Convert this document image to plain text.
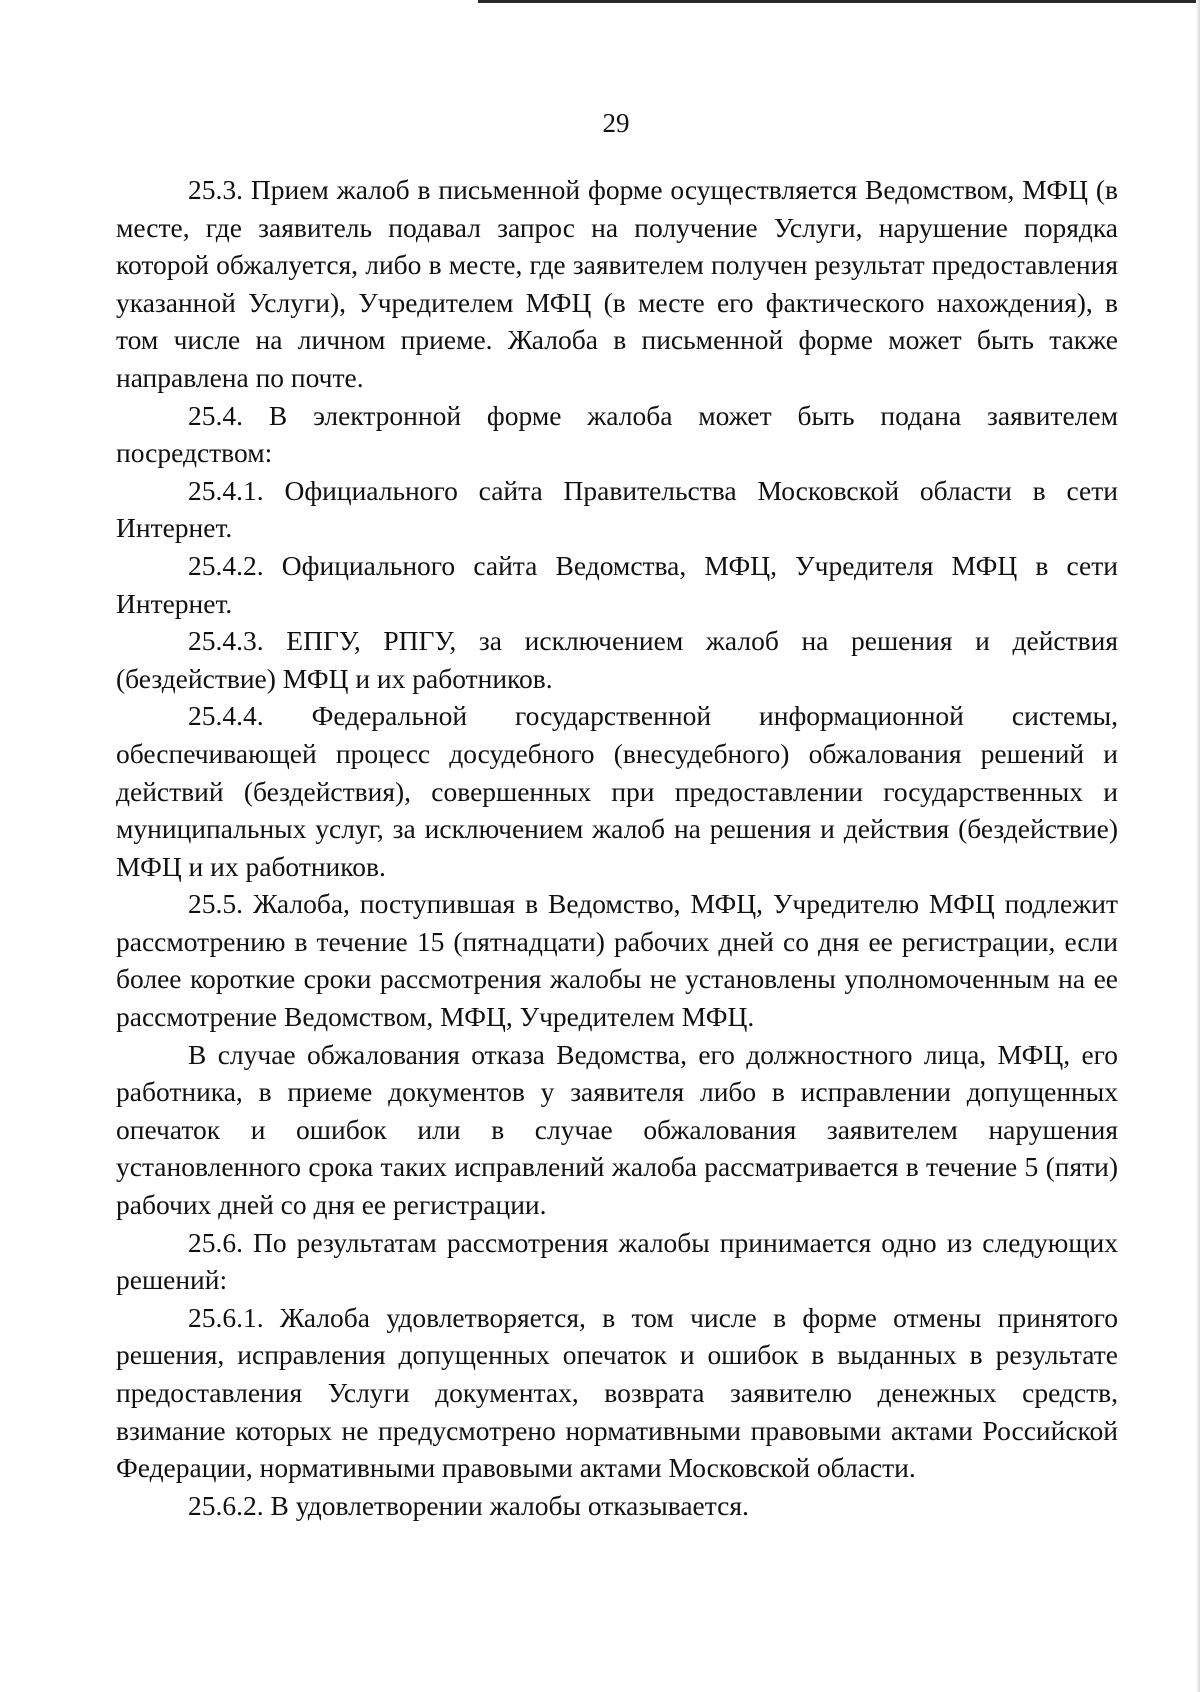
29

25.3. Прием жалоб в письменной форме осуществляется Ведомством, МФЦ (в месте, где заявитель подавал запрос на получение Услуги, нарушение порядка которой обжалуется, либо в месте, где заявителем получен результат предоставления указанной Услуги), Учредителем МФЦ (в месте его фактического нахождения), в том числе на личном приеме. Жалоба в письменной форме может быть также направлена по почте.

25.4. В электронной форме жалоба может быть подана заявителем посредством:

25.4.1. Официального сайта Правительства Московской области в сети Интернет.

25.4.2. Официального сайта Ведомства, МФЦ, Учредителя МФЦ в сети Интернет.

25.4.3. ЕПГУ, РПГУ, за исключением жалоб на решения и действия (бездействие) МФЦ и их работников.

25.4.4. Федеральной государственной информационной системы, обеспечивающей процесс досудебного (внесудебного) обжалования решений и действий (бездействия), совершенных при предоставлении государственных и муниципальных услуг, за исключением жалоб на решения и действия (бездействие) МФЦ и их работников.

25.5. Жалоба, поступившая в Ведомство, МФЦ, Учредителю МФЦ подлежит рассмотрению в течение 15 (пятнадцати) рабочих дней со дня ее регистрации, если более короткие сроки рассмотрения жалобы не установлены уполномоченным на ее рассмотрение Ведомством, МФЦ, Учредителем МФЦ.

В случае обжалования отказа Ведомства, его должностного лица, МФЦ, его работника, в приеме документов у заявителя либо в исправлении допущенных опечаток и ошибок или в случае обжалования заявителем нарушения установленного срока таких исправлений жалоба рассматривается в течение 5 (пяти) рабочих дней со дня ее регистрации.

25.6. По результатам рассмотрения жалобы принимается одно из следующих решений:

25.6.1. Жалоба удовлетворяется, в том числе в форме отмены принятого решения, исправления допущенных опечаток и ошибок в выданных в результате предоставления Услуги документах, возврата заявителю денежных средств, взимание которых не предусмотрено нормативными правовыми актами Российской Федерации, нормативными правовыми актами Московской области.

25.6.2. В удовлетворении жалобы отказывается.
